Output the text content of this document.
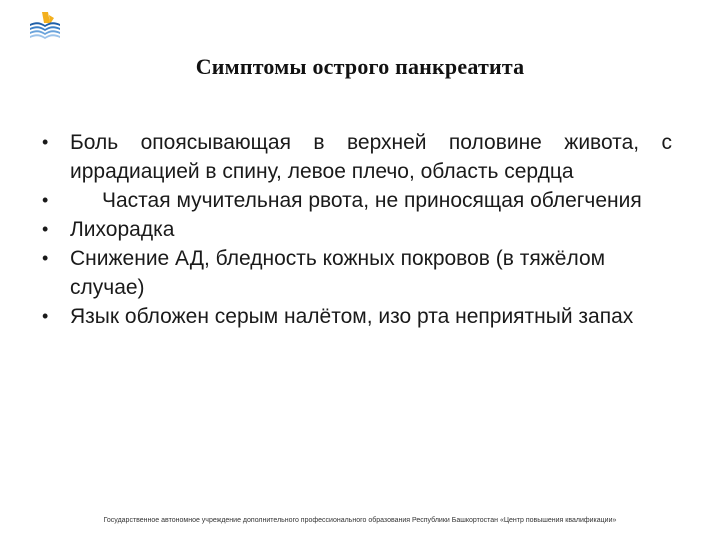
Симптомы острого панкреатита
•	Боль опоясывающая в верхней половине живота, с иррадиацией в спину, левое плечо, область сердца
•	Частая мучительная рвота, не приносящая облегчения
•	Лихорадка
•	Снижение АД, бледность кожных покровов (в тяжёлом случае)
•	Язык обложен серым налётом, изо рта неприятный запах
Государственное автономное учреждение дополнительного профессионального образования Республики Башкортостан «Центр повышения квалификации»
